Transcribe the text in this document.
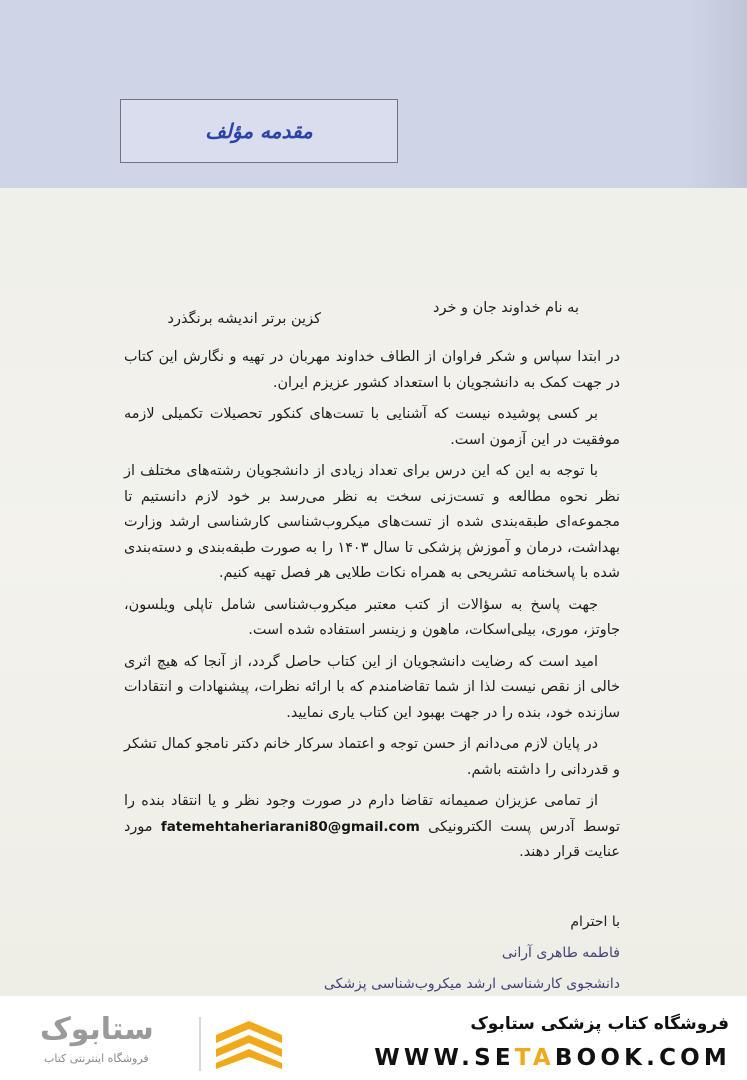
مقدمه مؤلف
به نام خداوند جان و خرد
کزین برتر اندیشه برنگذرد

در ابتدا سپاس و شکر فراوان از الطاف خداوند مهربان در تهیه و نگارش این کتاب در جهت کمک به دانشجویان با استعداد کشور عزیزم ایران.

بر کسی پوشیده نیست که آشنایی با تست‌های کنکور تحصیلات تکمیلی لازمه موفقیت در این آزمون است.

با توجه به این که این درس برای تعداد زیادی از دانشجویان رشته‌های مختلف از نظر نحوه مطالعه و تست‌زنی سخت به نظر می‌رسد بر خود لازم دانستیم تا مجموعه‌ای طبقه‌بندی شده از تست‌های میکروب‌شناسی کارشناسی ارشد وزارت بهداشت، درمان و آموزش پزشکی تا سال ۱۴۰۳ را به صورت طبقه‌بندی و دسته‌بندی شده با پاسخنامه تشریحی به همراه نکات طلایی هر فصل تهیه کنیم.

جهت پاسخ به سؤالات از کتب معتبر میکروب‌شناسی شامل تاپلی ویلسون، جاوتز، موری، بیلی‌اسکات، ماهون و زینسر استفاده شده است.

امید است که رضایت دانشجویان از این کتاب حاصل گردد، از آنجا که هیچ اثری خالی از نقص نیست لذا از شما تقاضامندم که با ارائه نظرات، پیشنهادات و انتقادات سازنده خود، بنده را در جهت بهبود این کتاب یاری نمایید.

در پایان لازم می‌دانم از حسن توجه و اعتماد سرکار خانم دکتر نامجو کمال تشکر و قدردانی را داشته باشم.

از تمامی عزیزان صمیمانه تقاضا دارم در صورت وجود نظر و یا انتقاد بنده را توسط آدرس پست الکترونیکی fatemehtaheriarani80@gmail.com مورد عنایت قرار دهند.

با احترام
فاطمه طاهری آرانی
دانشجوی کارشناسی ارشد میکروب‌شناسی پزشکی
ستابوک
فروشگاه اینترنتی کتاب
فروشگاه کتاب پزشکی ستابوک
WWW.SETABOOK.COM
